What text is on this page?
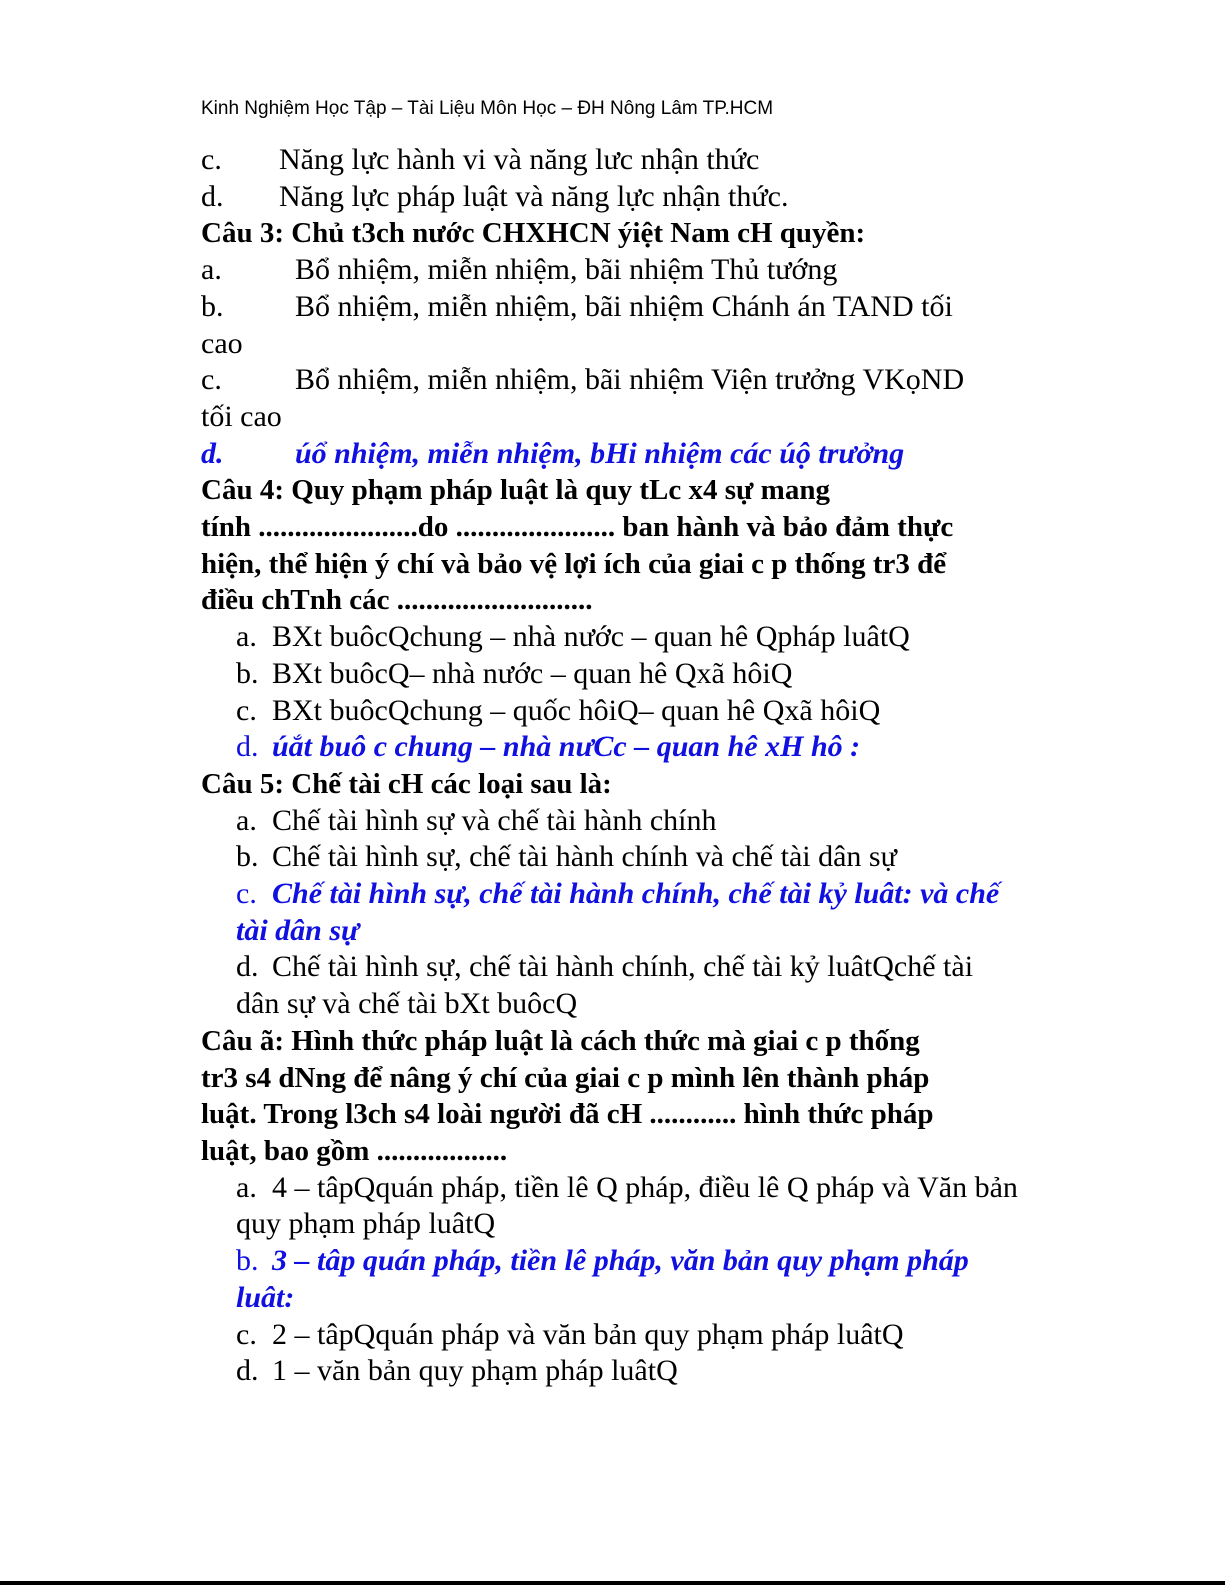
Kinh Nghiệm Học Tập – Tài Liệu Môn Học – ĐH Nông Lâm TP.HCM

c. Năng lực hành vi và năng lưc nhận thức

d. Năng lực pháp luật và năng lực nhận thức.

Câu 3: Chủ t3ch nước CHXHCN ýiệt Nam cH quyền:

a. Bổ nhiệm, miễn nhiệm, bãi nhiệm Thủ tướng

b. Bổ nhiệm, miễn nhiệm, bãi nhiệm Chánh án TAND tối

cao

c. Bổ nhiệm, miễn nhiệm, bãi nhiệm Viện trưởng VKọND

tối cao

d. úổ nhiệm, miễn nhiệm, bHi nhiệm các úộ trưởng

Câu 4: Quy phạm pháp luật là quy tLc x4 sự mang

tính ......................do ...................... ban hành và bảo đảm thực

hiện, thể hiện ý chí và bảo vệ lợi ích của giai c p thống tr3 để

điều chTnh các ...........................

a. BXt buôcQchung – nhà nước – quan hê Qpháp luâtQ

b. BXt buôcQ– nhà nước – quan hê Qxã hôiQ

c. BXt buôcQchung – quốc hôiQ– quan hê Qxã hôiQ

d. úắt buô c chung – nhà nưCc – quan hê xH hô :

Câu 5: Chế tài cH các loại sau là:

a. Chế tài hình sự và chế tài hành chính

b. Chế tài hình sự, chế tài hành chính và chế tài dân sự

c. Chế tài hình sự, chế tài hành chính, chế tài kỷ luât: và chế

tài dân sự

d. Chế tài hình sự, chế tài hành chính, chế tài kỷ luâtQchế tài

dân sự và chế tài bXt buôcQ

Câu ã: Hình thức pháp luật là cách thức mà giai c p thống

tr3 s4 dNng để nâng ý chí của giai c p mình lên thành pháp

luật. Trong l3ch s4 loài người đã cH ............ hình thức pháp

luật, bao gồm ..................

a. 4 – tâpQquán pháp, tiền lê Q pháp, điều lê Q pháp và Văn bản

quy phạm pháp luâtQ

b. 3 – tâp quán pháp, tiền lê pháp, văn bản quy phạm pháp

luât:

c. 2 – tâpQquán pháp và văn bản quy phạm pháp luâtQ

d. 1 – văn bản quy phạm pháp luâtQ
